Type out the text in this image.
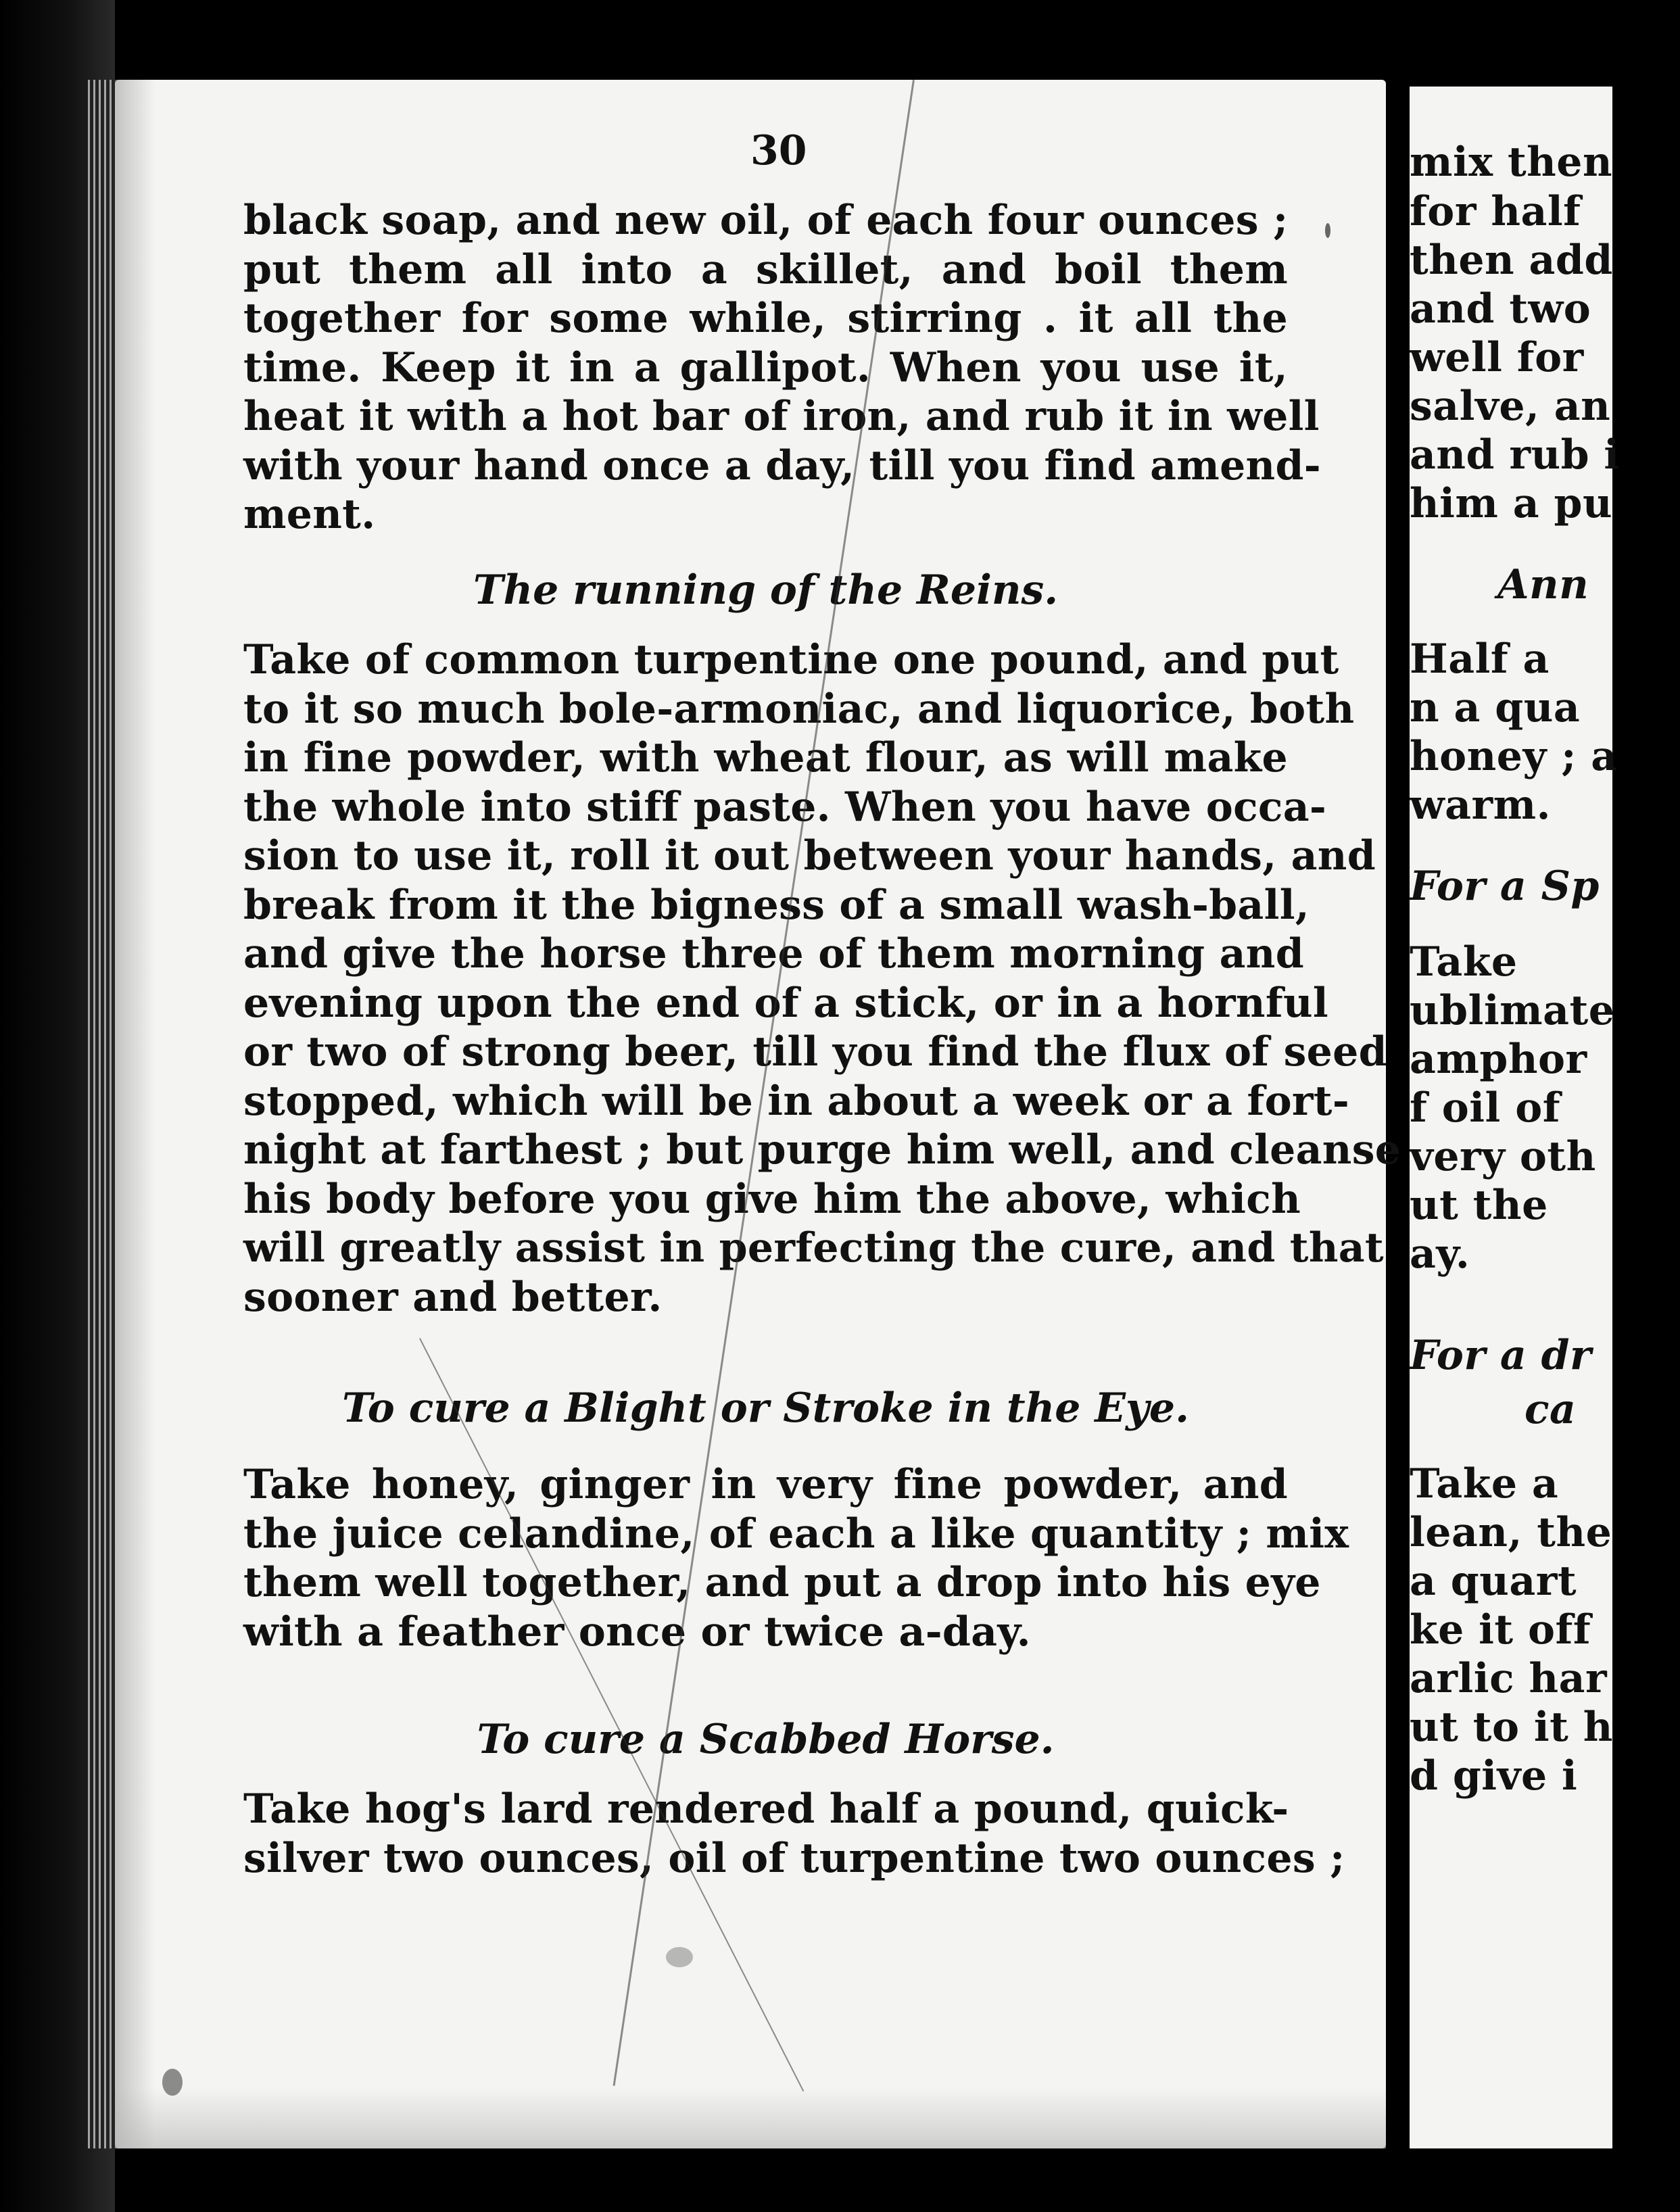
mix then
for half
then add
and two
well for
salve, an
and rub i
him a pu
Ann
Half a
n a qua
honey ; a
warm.
For a Sp
Take
ublimate
amphor
f oil of
very oth
ut the
ay.
For a dr
ca
Take a
lean, the
a quart
ke it off
arlic har
ut to it h
d give i
30
black soap, and new oil, of each four ounces ;
put them all into a skillet, and boil them
together for some while, stirring . it all the
time. Keep it in a gallipot. When you use it,
heat it with a hot bar of iron, and rub it in well
with your hand once a day, till you find amend-
ment.
The running of the Reins.
Take of common turpentine one pound, and put
to it so much bole-armoniac, and liquorice, both
in fine powder, with wheat flour, as will make
the whole into stiff paste. When you have occa-
sion to use it, roll it out between your hands, and
break from it the bigness of a small wash-ball,
and give the horse three of them morning and
evening upon the end of a stick, or in a hornful
or two of strong beer, till you find the flux of seed
stopped, which will be in about a week or a fort-
night at farthest ; but purge him well, and cleanse
his body before you give him the above, which
will greatly assist in perfecting the cure, and that
sooner and better.
To cure a Blight or Stroke in the Eye.
Take honey, ginger in very fine powder, and
the juice celandine, of each a like quantity ; mix
them well together, and put a drop into his eye
with a feather once or twice a-day.
To cure a Scabbed Horse.
Take hog's lard rendered half a pound, quick-
silver two ounces, oil of turpentine two ounces ;
